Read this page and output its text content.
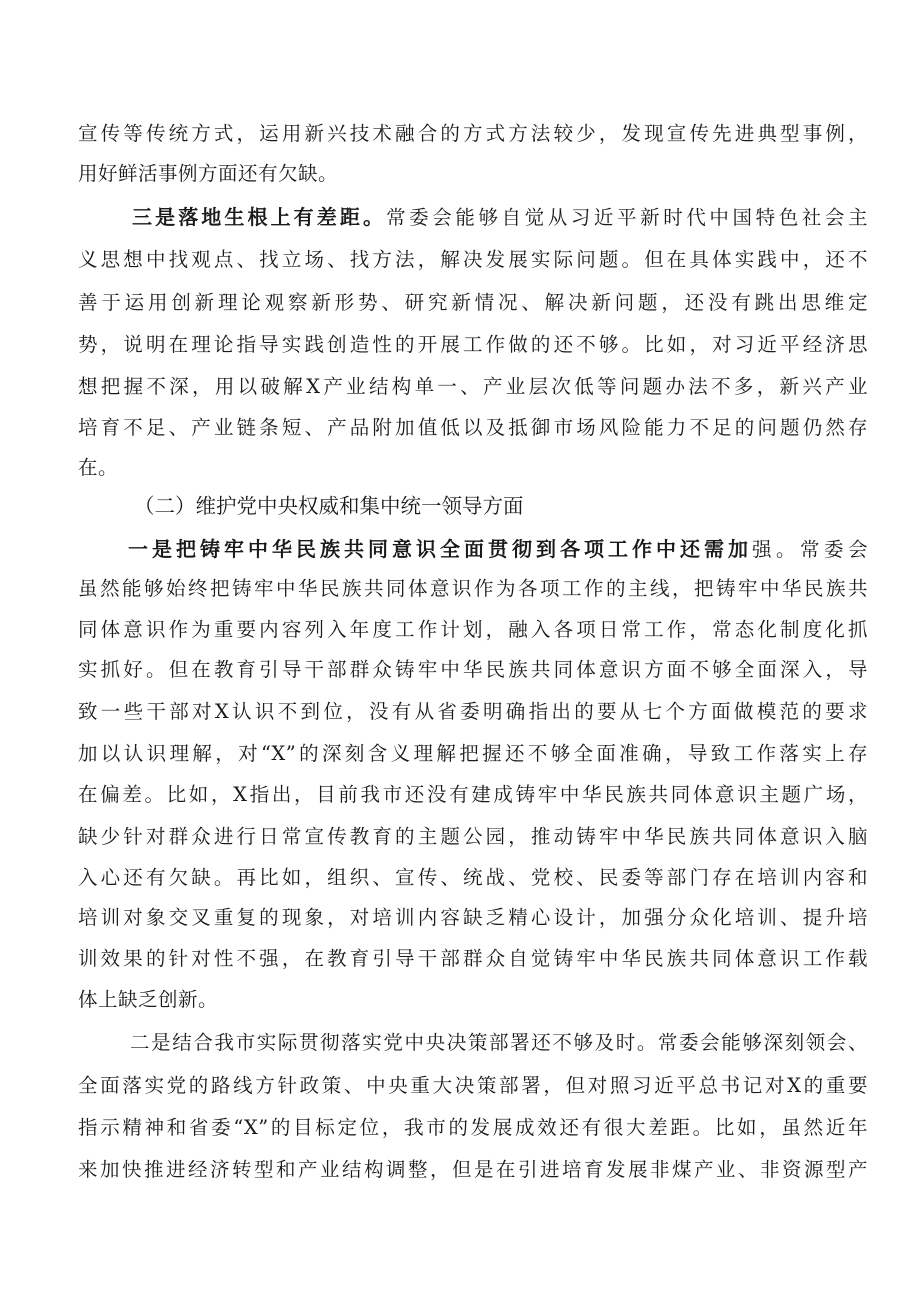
宣传等传统方式，运用新兴技术融合的方式方法较少，发现宣传先进典型事例，
用好鲜活事例方面还有欠缺。
三是落地生根上有差距。常委会能够自觉从习近平新时代中国特色社会主
义思想中找观点、找立场、找方法，解决发展实际问题。但在具体实践中，还不
善于运用创新理论观察新形势、研究新情况、解决新问题，还没有跳出思维定
势，说明在理论指导实践创造性的开展工作做的还不够。比如，对习近平经济思
想把握不深，用以破解X产业结构单一、产业层次低等问题办法不多，新兴产业
培育不足、产业链条短、产品附加值低以及抵御市场风险能力不足的问题仍然存
在。
（二）维护党中央权威和集中统一领导方面
一是把铸牢中华民族共同意识全面贯彻到各项工作中还需加强。常委会
虽然能够始终把铸牢中华民族共同体意识作为各项工作的主线，把铸牢中华民族共
同体意识作为重要内容列入年度工作计划，融入各项日常工作，常态化制度化抓
实抓好。但在教育引导干部群众铸牢中华民族共同体意识方面不够全面深入，导
致一些干部对X认识不到位，没有从省委明确指出的要从七个方面做模范的要求
加以认识理解，对“X”的深刻含义理解把握还不够全面准确，导致工作落实上存
在偏差。比如，X指出，目前我市还没有建成铸牢中华民族共同体意识主题广场，
缺少针对群众进行日常宣传教育的主题公园，推动铸牢中华民族共同体意识入脑
入心还有欠缺。再比如，组织、宣传、统战、党校、民委等部门存在培训内容和
培训对象交叉重复的现象，对培训内容缺乏精心设计，加强分众化培训、提升培
训效果的针对性不强，在教育引导干部群众自觉铸牢中华民族共同体意识工作载
体上缺乏创新。
二是结合我市实际贯彻落实党中央决策部署还不够及时。常委会能够深刻领会、
全面落实党的路线方针政策、中央重大决策部署，但对照习近平总书记对X的重要
指示精神和省委“X”的目标定位，我市的发展成效还有很大差距。比如，虽然近年
来加快推进经济转型和产业结构调整，但是在引进培育发展非煤产业、非资源型产
